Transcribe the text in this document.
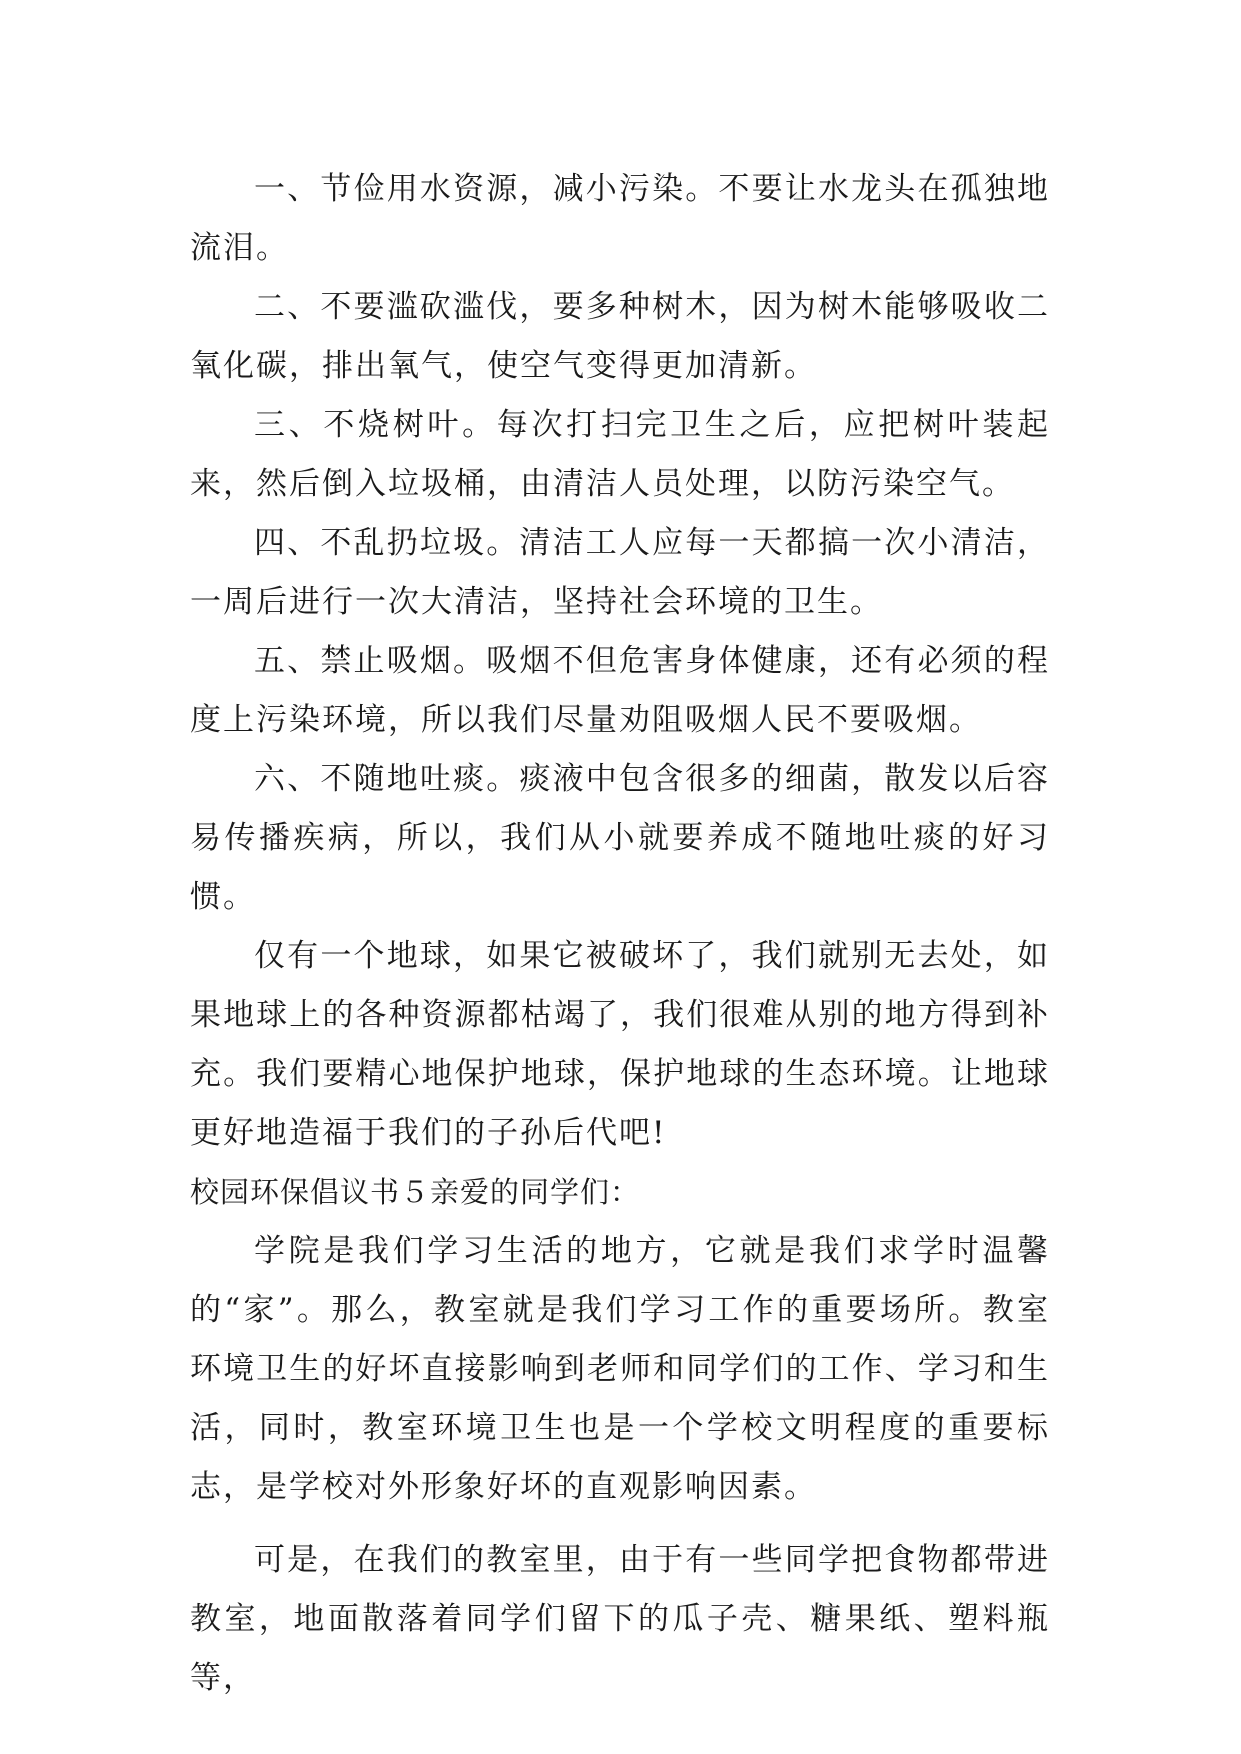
一、节俭用水资源，减小污染。不要让水龙头在孤独地流泪。

二、不要滥砍滥伐，要多种树木，因为树木能够吸收二氧化碳，排出氧气，使空气变得更加清新。

三、不烧树叶。每次打扫完卫生之后，应把树叶装起来，然后倒入垃圾桶，由清洁人员处理，以防污染空气。

四、不乱扔垃圾。清洁工人应每一天都搞一次小清洁，一周后进行一次大清洁，坚持社会环境的卫生。

五、禁止吸烟。吸烟不但危害身体健康，还有必须的程度上污染环境，所以我们尽量劝阻吸烟人民不要吸烟。

六、不随地吐痰。痰液中包含很多的细菌，散发以后容易传播疾病，所以，我们从小就要养成不随地吐痰的好习惯。

仅有一个地球，如果它被破坏了，我们就别无去处，如果地球上的各种资源都枯竭了，我们很难从别的地方得到补充。我们要精心地保护地球，保护地球的生态环境。让地球更好地造福于我们的子孙后代吧!

校园环保倡议书５亲爱的同学们：

学院是我们学习生活的地方，它就是我们求学时温馨的“家”。那么，教室就是我们学习工作的重要场所。教室环境卫生的好坏直接影响到老师和同学们的工作、学习和生活，同时，教室环境卫生也是一个学校文明程度的重要标志，是学校对外形象好坏的直观影响因素。

可是，在我们的教室里，由于有一些同学把食物都带进教室，地面散落着同学们留下的瓜子壳、糖果纸、塑料瓶等，
